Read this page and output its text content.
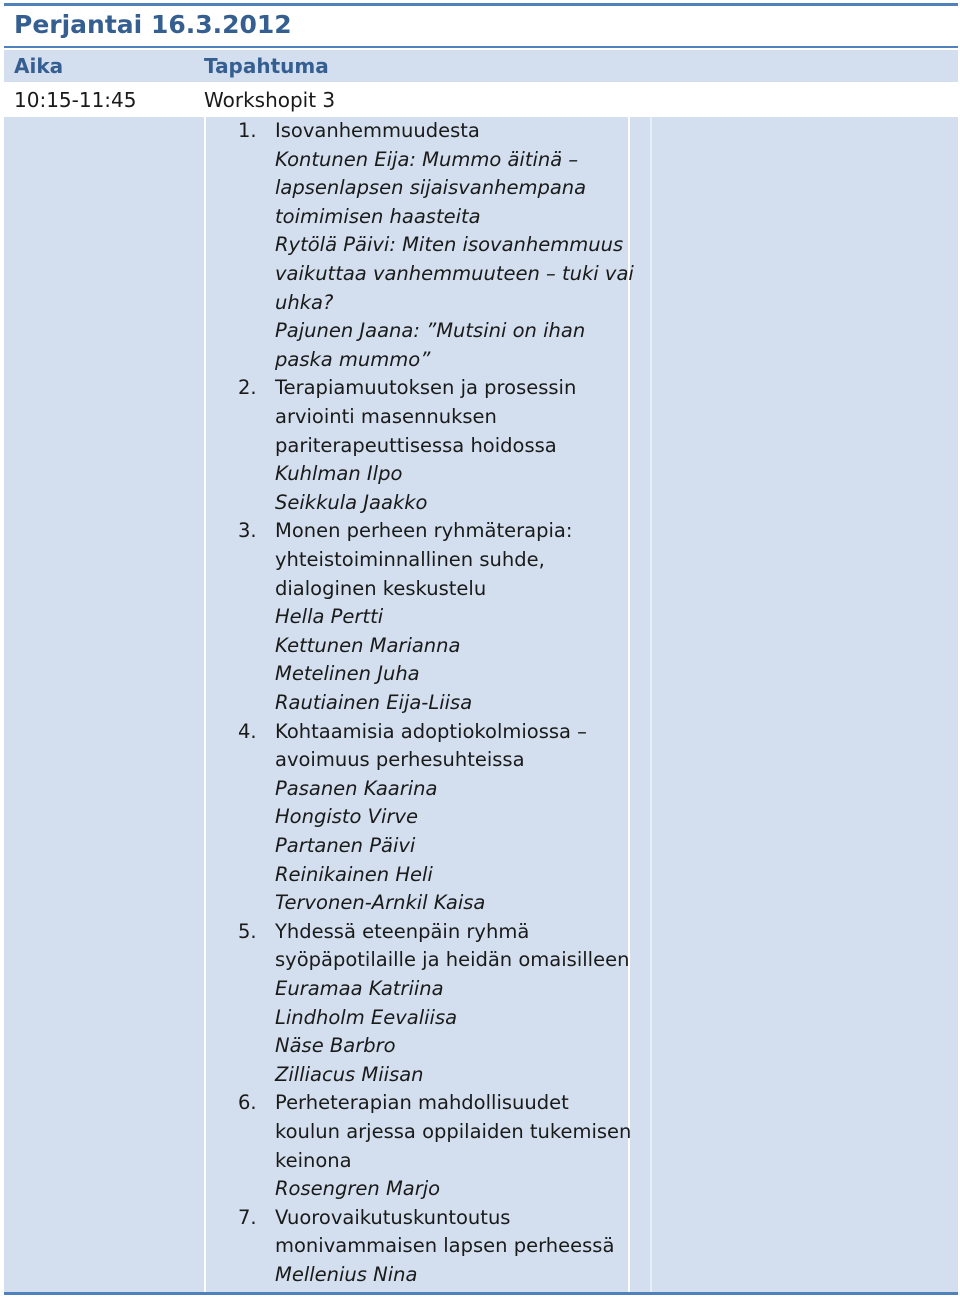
Perjantai 16.3.2012
Aika	Tapahtuma
10:15-11:45	Workshopit 3
1. Isovanhemmuudesta
Kontunen Eija: Mummo äitinä –
lapsenlapsen sijaisvanhempana
toimimisen haasteita
Rytölä Päivi: Miten isovanhemmuus
vaikuttaa vanhemmuuteen – tuki vai
uhka?
Pajunen Jaana: ”Mutsini on ihan
paska mummo”
2. Terapiamuutoksen ja prosessin
arviointi masennuksen
pariterapeuttisessa hoidossa
Kuhlman Ilpo
Seikkula Jaakko
3. Monen perheen ryhmäterapia:
yhteistoiminnallinen suhde,
dialoginen keskustelu
Hella Pertti
Kettunen Marianna
Metelinen Juha
Rautiainen Eija-Liisa
4. Kohtaamisia adoptiokolmiossa –
avoimuus perhesuhteissa
Pasanen Kaarina
Hongisto Virve
Partanen Päivi
Reinikainen Heli
Tervonen-Arnkil Kaisa
5. Yhdessä eteenpäin ryhmä
syöpäpotilaille ja heidän omaisilleen
Euramaa Katriina
Lindholm Eevaliisa
Näse Barbro
Zilliacus Miisan
6. Perheterapian mahdollisuudet
koulun arjessa oppilaiden tukemisen
keinona
Rosengren Marjo
7. Vuorovaikutuskuntoutus
monivammaisen lapsen perheessä
Mellenius Nina
